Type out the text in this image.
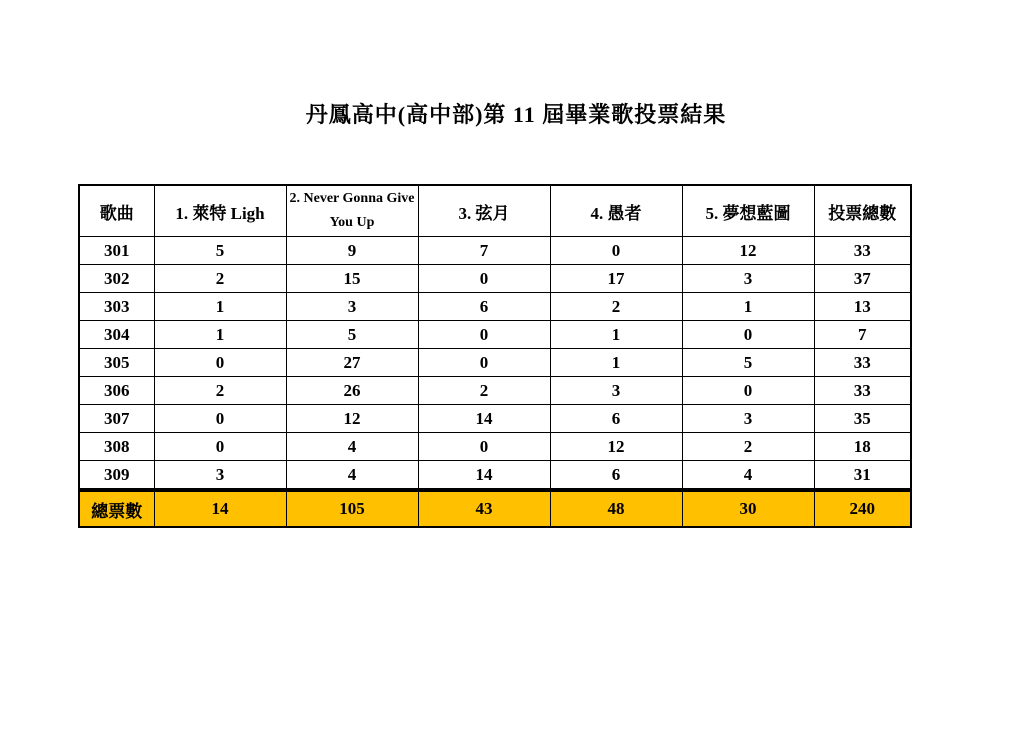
丹鳳高中(高中部)第 11 屆畢業歌投票結果
歌曲	1. 萊特 Ligh	2. Never Gonna Give You Up	3. 弦月	4. 愚者	5. 夢想藍圖	投票總數
301	5	9	7	0	12	33
302	2	15	0	17	3	37
303	1	3	6	2	1	13
304	1	5	0	1	0	7
305	0	27	0	1	5	33
306	2	26	2	3	0	33
307	0	12	14	6	3	35
308	0	4	0	12	2	18
309	3	4	14	6	4	31
總票數	14	105	43	48	30	240
